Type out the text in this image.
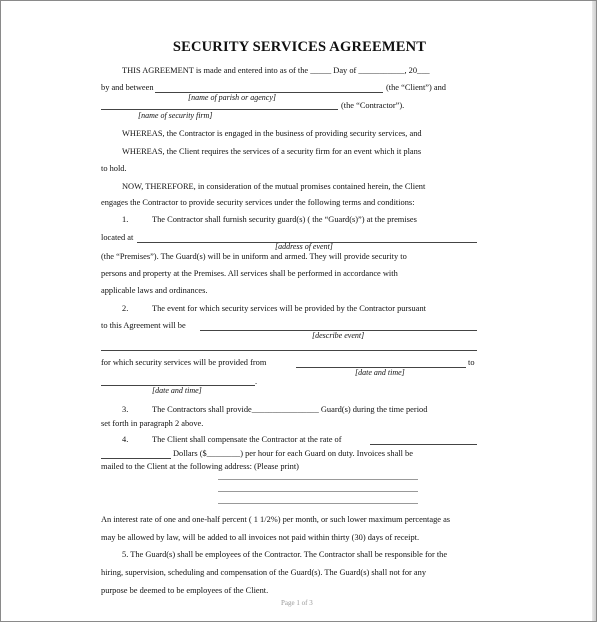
SECURITY SERVICES AGREEMENT
THIS AGREEMENT is made and entered into as of the _____ Day of ___________, 20___
by and between	(the “Client”) and
[name of parish or agency]
(the “Contractor”).
[name of security firm]
WHEREAS, the Contractor is engaged in the business of providing security services, and
WHEREAS, the Client requires the services of a security firm for an event which it plans
to hold.
NOW, THEREFORE, in consideration of the mutual promises contained herein, the Client
engages the Contractor to provide security services under the following terms and conditions:
1.	The Contractor shall furnish security guard(s) ( the “Guard(s)”) at the premises
located at
[address of event]
(the “Premises”). The Guard(s) will be in uniform and armed. They will provide security to
persons and property at the Premises. All services shall be performed in accordance with
applicable laws and ordinances.
2.	The event for which security services will be provided by the Contractor pursuant
to this Agreement will be
[describe event]
for which security services will be provided from	to
[date and time]
.
[date and time]
3.	The Contractors shall provide________________ Guard(s) during the time period
set forth in paragraph 2 above.
4.	The Client shall compensate the Contractor at the rate of
Dollars ($________) per hour for each Guard on duty. Invoices shall be
mailed to the Client at the following address: (Please print)
An interest rate of one and one-half percent ( 1 1/2%) per month, or such lower maximum percentage as
may be allowed by law, will be added to all invoices not paid within thirty (30) days of receipt.
5. The Guard(s) shall be employees of the Contractor. The Contractor shall be responsible for the
hiring, supervision, scheduling and compensation of the Guard(s). The Guard(s) shall not for any
purpose be deemed to be employees of the Client.
Page 1 of 3
